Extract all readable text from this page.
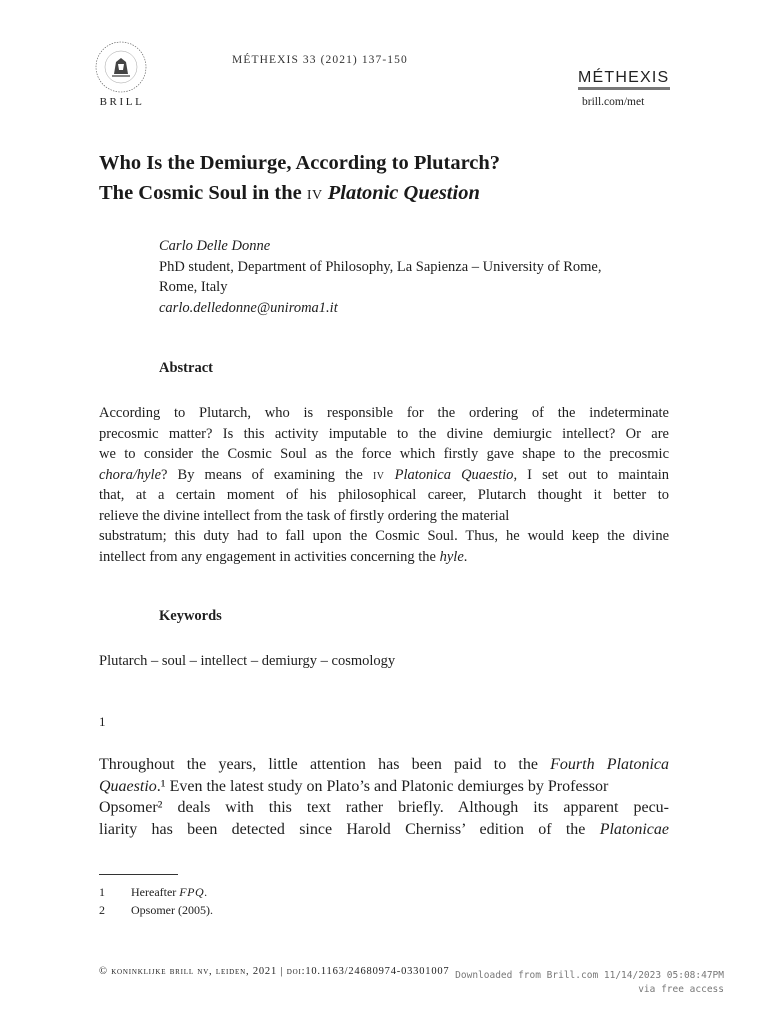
BRILL
MÉTHEXIS 33 (2021) 137-150
MÉTHEXIS
brill.com/met
Who Is the Demiurge, According to Plutarch?
The Cosmic Soul in the iv Platonic Question
Carlo Delle Donne
PhD student, Department of Philosophy, La Sapienza – University of Rome,
Rome, Italy
carlo.delledonne@uniroma1.it
Abstract
According to Plutarch, who is responsible for the ordering of the indeterminate
precosmic matter? Is this activity imputable to the divine demiurgic intellect? Or are
we to consider the Cosmic Soul as the force which firstly gave shape to the precosmic
chora/hyle? By means of examining the iv Platonica Quaestio, I set out to maintain
that, at a certain moment of his philosophical career, Plutarch thought it better to
relieve the divine intellect from the task of firstly ordering the material
substratum; this duty had to fall upon the Cosmic Soul. Thus, he would keep the divine
intellect from any engagement in activities concerning the hyle.
Keywords
Plutarch – soul – intellect – demiurgy – cosmology
1
Throughout the years, little attention has been paid to the Fourth Platonica
Quaestio.¹ Even the latest study on Plato’s and Platonic demiurges by Professor
Opsomer² deals with this text rather briefly. Although its apparent pecu-
liarity has been detected since Harold Cherniss’ edition of the Platonicae
1 Hereafter FPQ.
2 Opsomer (2005).
© koninklijke brill nv, leiden, 2021 | doi:10.1163/24680974-03301007 Downloaded from Brill.com 11/14/2023 05:08:47PM
via free access
